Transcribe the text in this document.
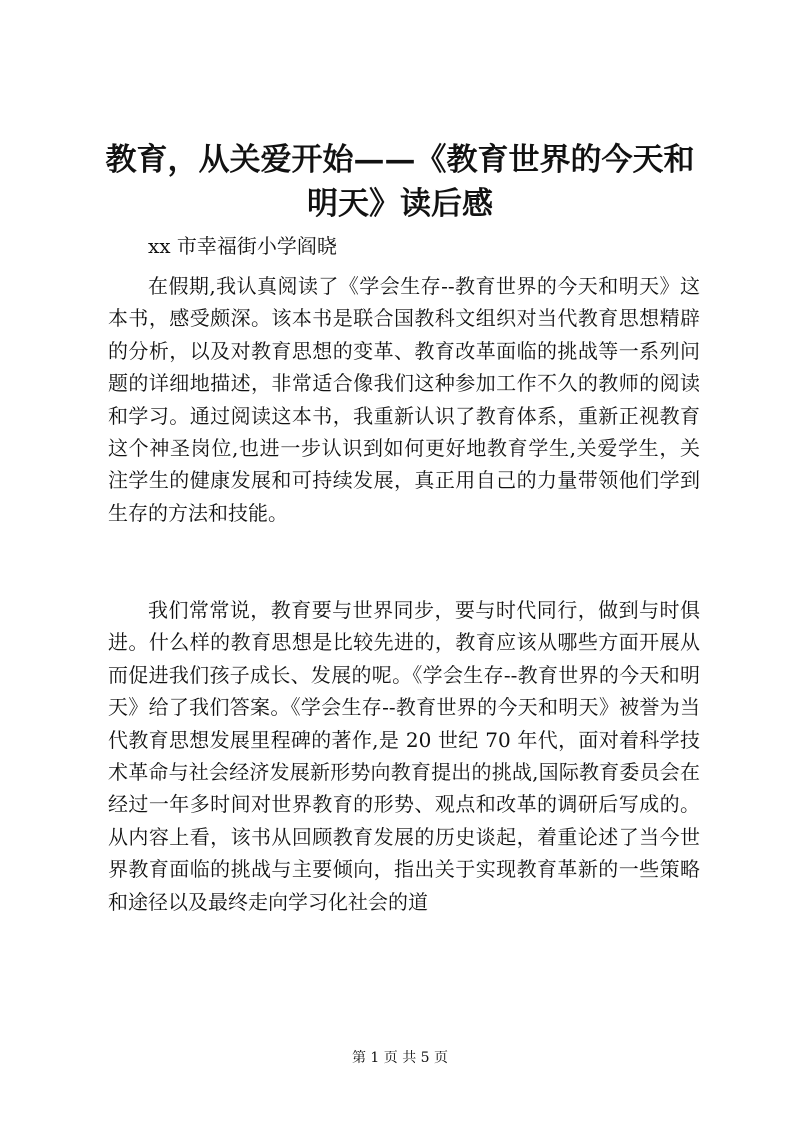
教育，从关爱开始——《教育世界的今天和明天》读后感

xx 市幸福街小学阎晓

在假期,我认真阅读了《学会生存--教育世界的今天和明天》这本书，感受颇深。该本书是联合国教科文组织对当代教育思想精辟的分析，以及对教育思想的变革、教育改革面临的挑战等一系列问题的详细地描述，非常适合像我们这种参加工作不久的教师的阅读和学习。通过阅读这本书，我重新认识了教育体系，重新正视教育这个神圣岗位,也进一步认识到如何更好地教育学生,关爱学生，关注学生的健康发展和可持续发展，真正用自己的力量带领他们学到生存的方法和技能。

我们常常说，教育要与世界同步，要与时代同行，做到与时俱进。什么样的教育思想是比较先进的，教育应该从哪些方面开展从而促进我们孩子成长、发展的呢。《学会生存--教育世界的今天和明天》给了我们答案。《学会生存--教育世界的今天和明天》被誉为当代教育思想发展里程碑的著作,是 20 世纪 70 年代，面对着科学技术革命与社会经济发展新形势向教育提出的挑战,国际教育委员会在经过一年多时间对世界教育的形势、观点和改革的调研后写成的。从内容上看，该书从回顾教育发展的历史谈起，着重论述了当今世界教育面临的挑战与主要倾向，指出关于实现教育革新的一些策略和途径以及最终走向学习化社会的道

第 1 页 共 5 页
